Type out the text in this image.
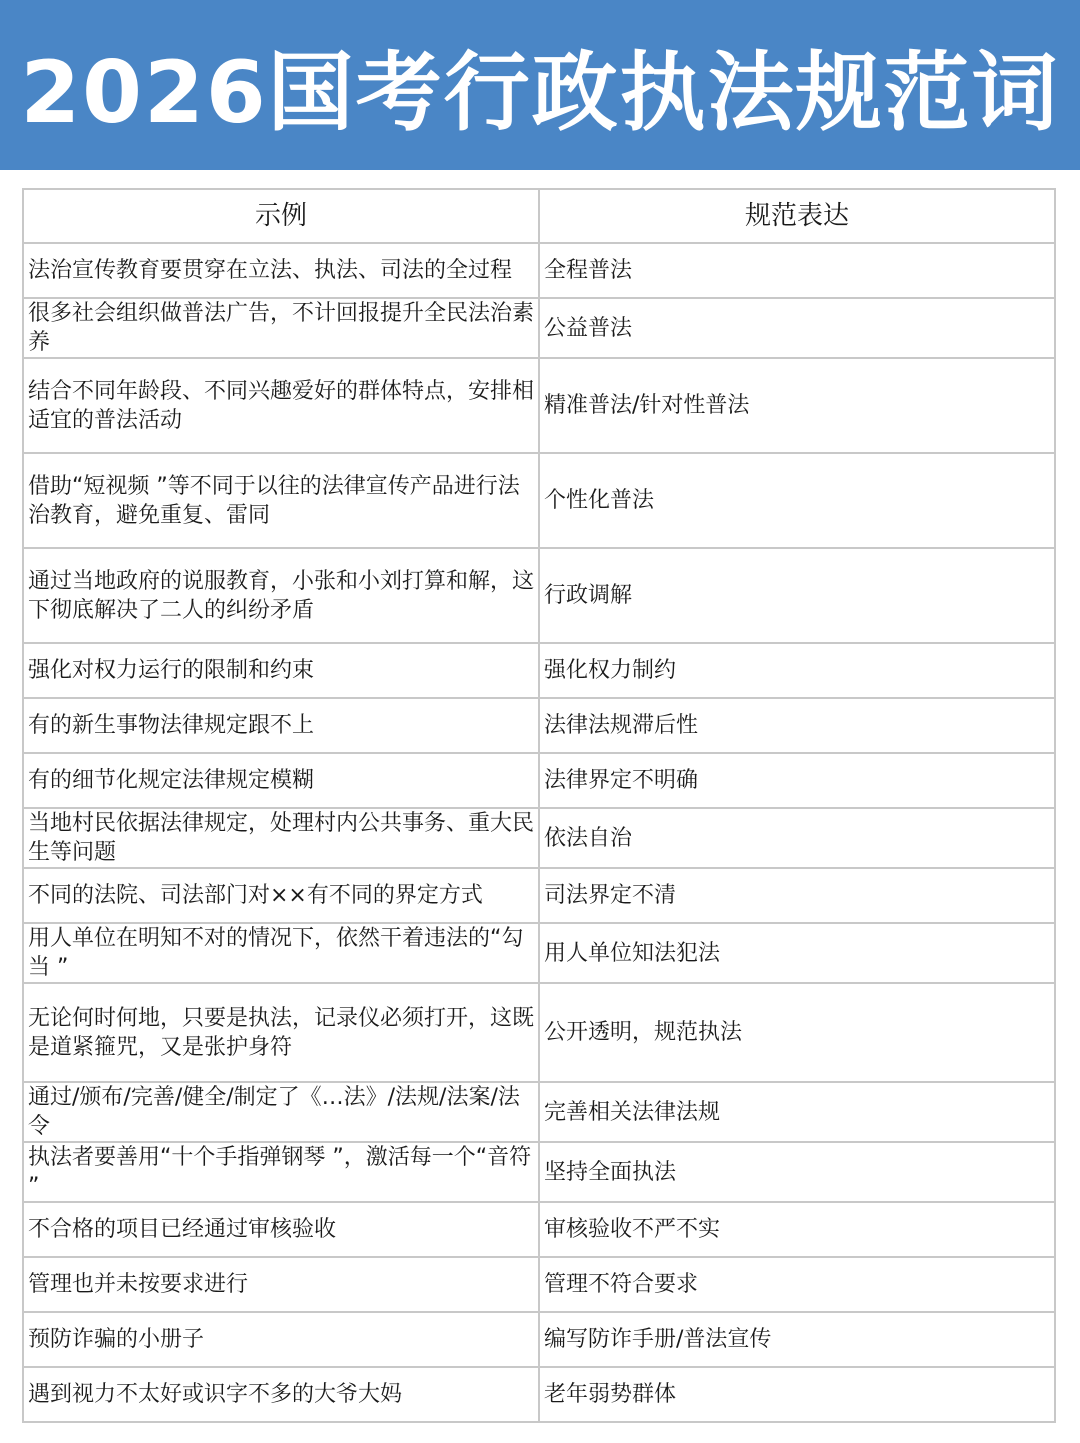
2026国考行政执法规范词
示例	规范表达
法治宣传教育要贯穿在立法、执法、司法的全过程	全程普法
很多社会组织做普法广告，不计回报提升全民法治素养	公益普法
结合不同年龄段、不同兴趣爱好的群体特点，安排相适宜的普法活动	精准普法/针对性普法
借助“短视频 ”等不同于以往的法律宣传产品进行法治教育，避免重复、雷同	个性化普法
通过当地政府的说服教育，小张和小刘打算和解，这下彻底解决了二人的纠纷矛盾	行政调解
强化对权力运行的限制和约束	强化权力制约
有的新生事物法律规定跟不上	法律法规滞后性
有的细节化规定法律规定模糊	法律界定不明确
当地村民依据法律规定，处理村内公共事务、重大民生等问题	依法自治
不同的法院、司法部门对××有不同的界定方式	司法界定不清
用人单位在明知不对的情况下，依然干着违法的“勾当 ”	用人单位知法犯法
无论何时何地，只要是执法，记录仪必须打开，这既是道紧箍咒，又是张护身符	公开透明，规范执法
通过/颁布/完善/健全/制定了《…法》/法规/法案/法令	完善相关法律法规
执法者要善用“十个手指弹钢琴 ”，激活每一个“音符 ”	坚持全面执法
不合格的项目已经通过审核验收	审核验收不严不实
管理也并未按要求进行	管理不符合要求
预防诈骗的小册子	编写防诈手册/普法宣传
遇到视力不太好或识字不多的大爷大妈	老年弱势群体
